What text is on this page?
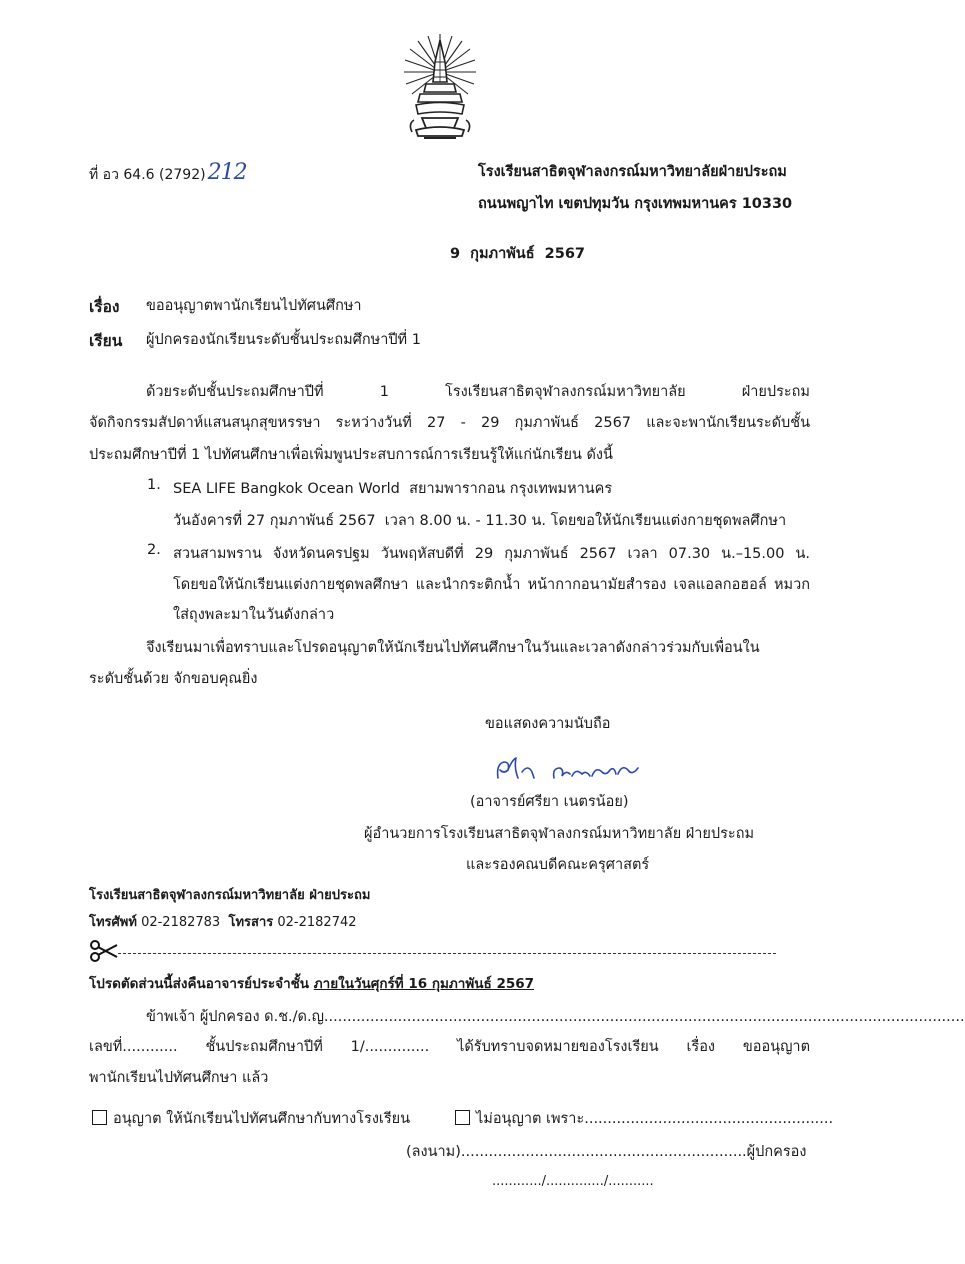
ที่ อว 64.6 (2792)212	โรงเรียนสาธิตจุฬาลงกรณ์มหาวิทยาลัยฝ่ายประถม
ถนนพญาไท เขตปทุมวัน กรุงเทพมหานคร 10330
9  กุมภาพันธ์  2567
เรื่อง ขออนุญาตพานักเรียนไปทัศนศึกษา
เรียน ผู้ปกครองนักเรียนระดับชั้นประถมศึกษาปีที่ 1
ด้วยระดับชั้นประถมศึกษาปีที่ 1 โรงเรียนสาธิตจุฬาลงกรณ์มหาวิทยาลัย ฝ่ายประถม
จัดกิจกรรมสัปดาห์แสนสนุกสุขหรรษา ระหว่างวันที่ 27 - 29 กุมภาพันธ์ 2567 และจะพานักเรียนระดับชั้น
ประถมศึกษาปีที่ 1 ไปทัศนศึกษาเพื่อเพิ่มพูนประสบการณ์การเรียนรู้ให้แก่นักเรียน ดังนี้
1. SEA LIFE Bangkok Ocean World  สยามพารากอน กรุงเทพมหานคร
วันอังคารที่ 27 กุมภาพันธ์ 2567  เวลา 8.00 น. - 11.30 น. โดยขอให้นักเรียนแต่งกายชุดพลศึกษา
2. สวนสามพราน จังหวัดนครปฐม วันพฤหัสบดีที่ 29 กุมภาพันธ์ 2567 เวลา 07.30 น.–15.00 น.
โดยขอให้นักเรียนแต่งกายชุดพลศึกษา และนำกระติกน้ำ หน้ากากอนามัยสำรอง เจลแอลกอฮอล์ หมวก
ใส่ถุงพละมาในวันดังกล่าว
จึงเรียนมาเพื่อทราบและโปรดอนุญาตให้นักเรียนไปทัศนศึกษาในวันและเวลาดังกล่าวร่วมกับเพื่อนใน
ระดับชั้นด้วย จักขอบคุณยิ่ง
ขอแสดงความนับถือ
(อาจารย์ศรียา เนตรน้อย)
ผู้อำนวยการโรงเรียนสาธิตจุฬาลงกรณ์มหาวิทยาลัย ฝ่ายประถม
และรองคณบดีคณะครุศาสตร์
โรงเรียนสาธิตจุฬาลงกรณ์มหาวิทยาลัย ฝ่ายประถม
โทรศัพท์ 02-2182783 โทรสาร 02-2182742
โปรดตัดส่วนนี้ส่งคืนอาจารย์ประจำชั้น ภายในวันศุกร์ที่ 16 กุมภาพันธ์ 2567
ข้าพเจ้า ผู้ปกครอง ด.ช./ด.ญ...........................................................................................................................................
เลขที่............ ชั้นประถมศึกษาปีที่ 1/.............. ได้รับทราบจดหมายของโรงเรียน เรื่อง ขออนุญาต
พานักเรียนไปทัศนศึกษา แล้ว
อนุญาต ให้นักเรียนไปทัศนศึกษากับทางโรงเรียน	ไม่อนุญาต เพราะ......................................................
(ลงนาม)..............................................................ผู้ปกครอง
............/............../...........
